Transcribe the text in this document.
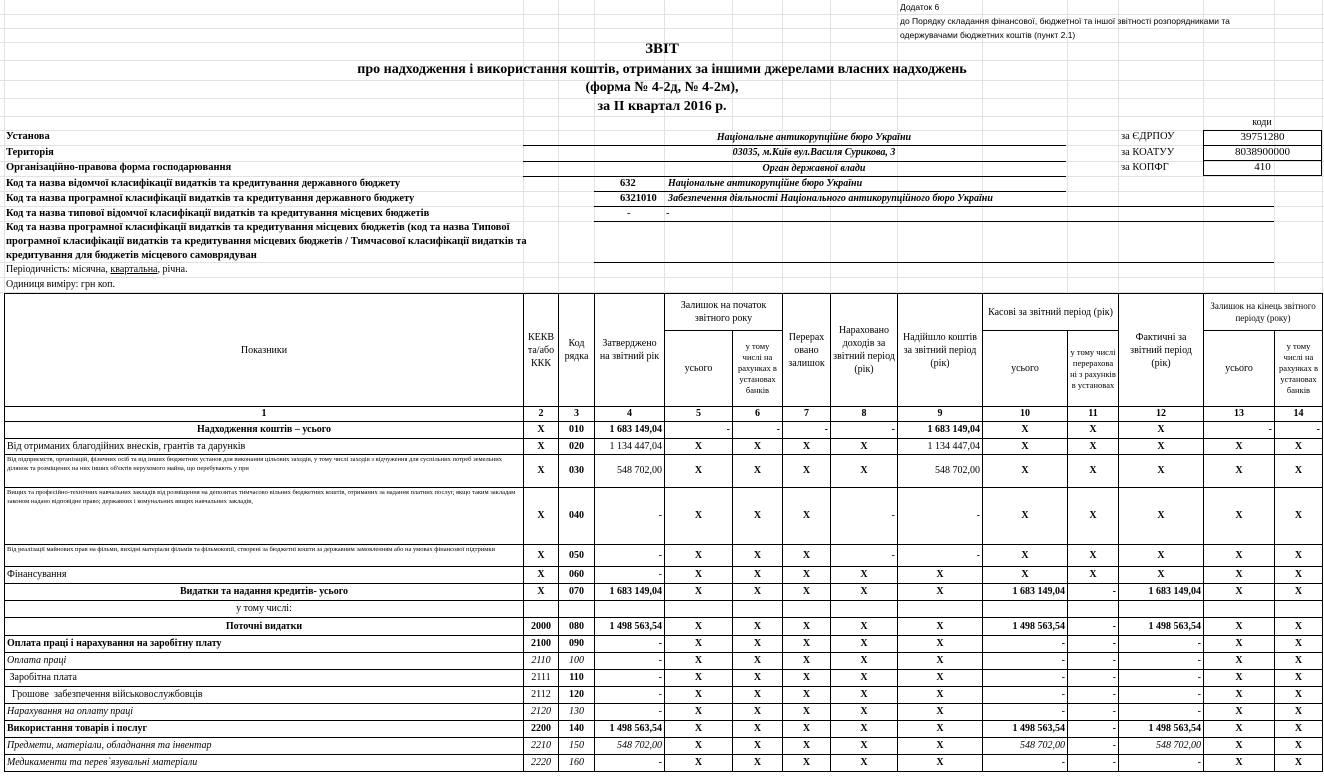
Додаток 6
до Порядку складання фінансової, бюджетної та іншої звітності розпорядниками та
одержувачами бюджетних коштів (пункт 2.1)
ЗВІТ
про надходження і використання коштів, отриманих за іншими джерелами власних надходжень
(форма № 4-2д, № 4-2м),
за ІІ квартал 2016 р.
коди
Установа	Національне антикорупційне бюро України	за ЄДРПОУ	39751280
Територія	03035, м.Київ вул.Василя Сурикова, 3	за КОАТУУ	8038900000
Організаційно-правова форма господарювання	Орган державної влади	за КОПФГ	410
Код та назва відомчої класифікації видатків та кредитування державного бюджету	632	Національне антикорупційне бюро України
Код та назва програмної класифікації видатків та кредитування державного бюджету	6321010 Забезпечення діяльності Національного антикорупційного бюро України
Код та назва типової відомчої класифікації видатків та кредитування місцевих бюджетів	-	-
Код та назва програмної класифікації видатків та кредитування місцевих бюджетів (код та назва Типової
програмної класифікації видатків та кредитування місцевих бюджетів / Тимчасової класифікації видатків та
кредитування для бюджетів місцевого самоврядуван
Періодичність: місячна, квартальна, річна.
Одиниця виміру: грн коп.
Показники	КЕКВ та/або ККК	Код рядка	Затверджено на звітний рік	Залишок на початок звітного року		Перерах овано залишок	Нараховано доходів за звітний період (рік)	Надійшло коштів за звітний період (рік)	Касові за звітний період (рік)		Фактичні за звітний період (рік)	Залишок на кінець звітного періоду (року)	
				усього	у тому числі на рахунках в установах банків				усього	у тому числі перерахова ні з рахунків в установах		усього	у тому числі на рахунках в установах банків
1	2	3	4	5	6	7	8	9	10	11	12	13	14
Надходження коштів – усього	X	010	1 683 149,04	-	-	-	-	1 683 149,04	X	X	X	-	-
Від отриманих благодійних внесків, грантів та дарунків	X	020	1 134 447,04	X	X	X	X	1 134 447,04	X	X	X	X	X
Від підприємств, організацій, фізичних осіб та від інших бюджетних установ для виконання цільових заходів, у тому числі заходів з відчуження для суспільних потреб земельних ділянок та розміщених на них інших об'єктів нерухомого майна, що перебувають у при	X	030	548 702,00	X	X	X	X	548 702,00	X	X	X	X	X
Вищих та професійно-технічних навчальних закладів від розміщення на депозитах тимчасово вільних бюджетних коштів, отриманих за надання платних послуг, якщо таким закладам законом надано відповідне право; державних і комунальних вищих навчальних закладів,	X	040	-	X	X	X	-	-	X	X	X	X	X
Від реалізації майнових прав на фільми, вихідні матеріали фільмів та фільмокопії, створені за бюджетні кошти за державним замовленням або на умовах фінансової підтримки	X	050	-	X	X	X	-	-	X	X	X	X	X
Фінансування	X	060	-	X	X	X	X	X	X	X	X	X	X
Видатки та надання кредитів- усього	X	070	1 683 149,04	X	X	X	X	X	1 683 149,04	-	1 683 149,04	X	X
у тому числі:													
Поточні видатки	2000	080	1 498 563,54	X	X	X	X	X	1 498 563,54	-	1 498 563,54	X	X
Оплата праці і нарахування на заробітну плату	2100	090	-	X	X	X	X	X	-	-	-	X	X
Оплата праці	2110	100	-	X	X	X	X	X	-	-	-	X	X
Заробітна плата	2111	110	-	X	X	X	X	X	-	-	-	X	X
Грошове  забезпечення військовослужбовців	2112	120	-	X	X	X	X	X	-	-	-	X	X
Нарахування на оплату праці	2120	130	-	X	X	X	X	X	-	-	-	X	X
Використання товарів і послуг	2200	140	1 498 563,54	X	X	X	X	X	1 498 563,54	-	1 498 563,54	X	X
Предмети, матеріали, обладнання та інвентар	2210	150	548 702,00	X	X	X	X	X	548 702,00	-	548 702,00	X	X
Медикаменти та перев`язувальні матеріали	2220	160	-	X	X	X	X	X	-	-	-	X	X
